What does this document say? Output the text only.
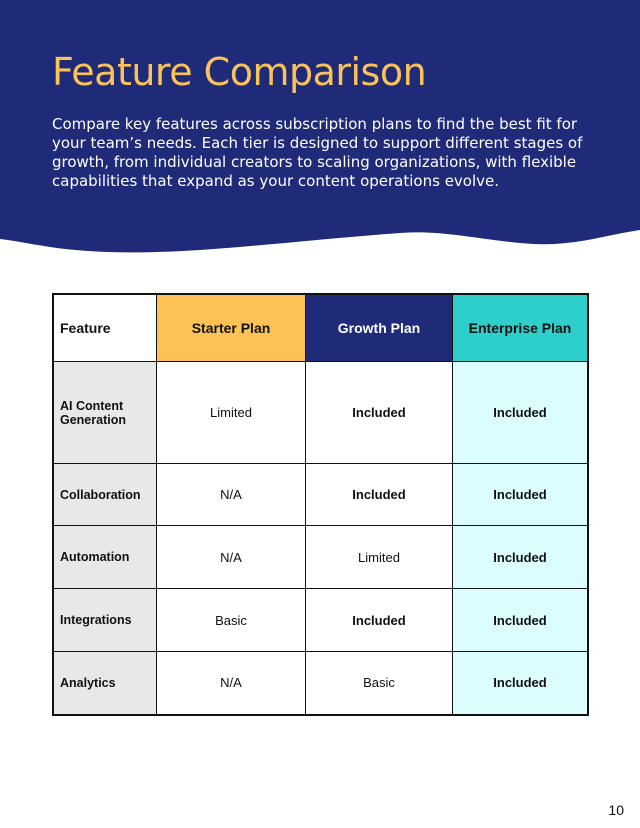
Feature Comparison

Compare key features across subscription plans to find the best fit for your team’s needs. Each tier is designed to support different stages of growth, from individual creators to scaling organizations, with flexible capabilities that expand as your content operations evolve.

Feature	Starter Plan	Growth Plan	Enterprise Plan
AI Content Generation	Limited	Included	Included
Collaboration	N/A	Included	Included
Automation	N/A	Limited	Included
Integrations	Basic	Included	Included
Analytics	N/A	Basic	Included
10
